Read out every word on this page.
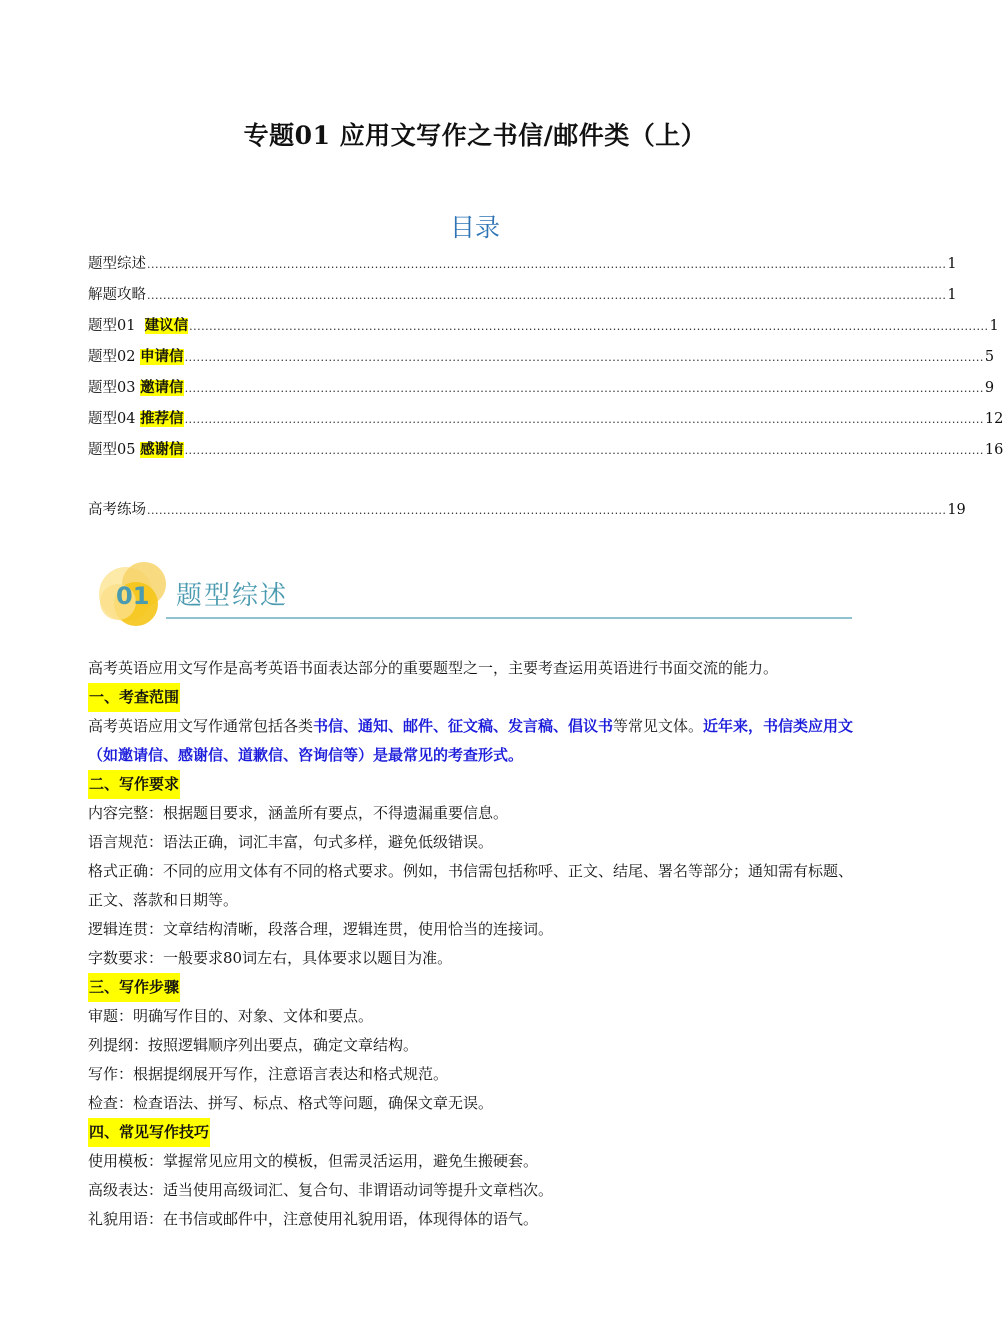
专题01 应用文写作之书信/邮件类（上）
目录
题型综述 ........................................................................................................................................................................................................ 1
解题攻略 ........................................................................................................................................................................................................ 1
题型01  建议信 ........................................................................................................................................................................................................ 1
题型02 申请信 ........................................................................................................................................................................................................ 5
题型03 邀请信 ........................................................................................................................................................................................................ 9
题型04 推荐信 ........................................................................................................................................................................................................ 12
题型05 感谢信 ........................................................................................................................................................................................................ 16
高考练场 ........................................................................................................................................................................................................ 19
01 题型综述

高考英语应用文写作是高考英语书面表达部分的重要题型之一，主要考查运用英语进行书面交流的能力。

一、考查范围

高考英语应用文写作通常包括各类书信、通知、邮件、征文稿、发言稿、倡议书等常见文体。近年来，书信类应用文（如邀请信、感谢信、道歉信、咨询信等）是最常见的考查形式。

二、写作要求

内容完整：根据题目要求，涵盖所有要点，不得遗漏重要信息。

语言规范：语法正确，词汇丰富，句式多样，避免低级错误。

格式正确：不同的应用文体有不同的格式要求。例如，书信需包括称呼、正文、结尾、署名等部分；通知需有标题、正文、落款和日期等。

逻辑连贯：文章结构清晰，段落合理，逻辑连贯，使用恰当的连接词。

字数要求：一般要求80词左右，具体要求以题目为准。

三、写作步骤

审题：明确写作目的、对象、文体和要点。

列提纲：按照逻辑顺序列出要点，确定文章结构。

写作：根据提纲展开写作，注意语言表达和格式规范。

检查：检查语法、拼写、标点、格式等问题，确保文章无误。

四、常见写作技巧

使用模板：掌握常见应用文的模板，但需灵活运用，避免生搬硬套。

高级表达：适当使用高级词汇、复合句、非谓语动词等提升文章档次。

礼貌用语：在书信或邮件中，注意使用礼貌用语，体现得体的语气。
